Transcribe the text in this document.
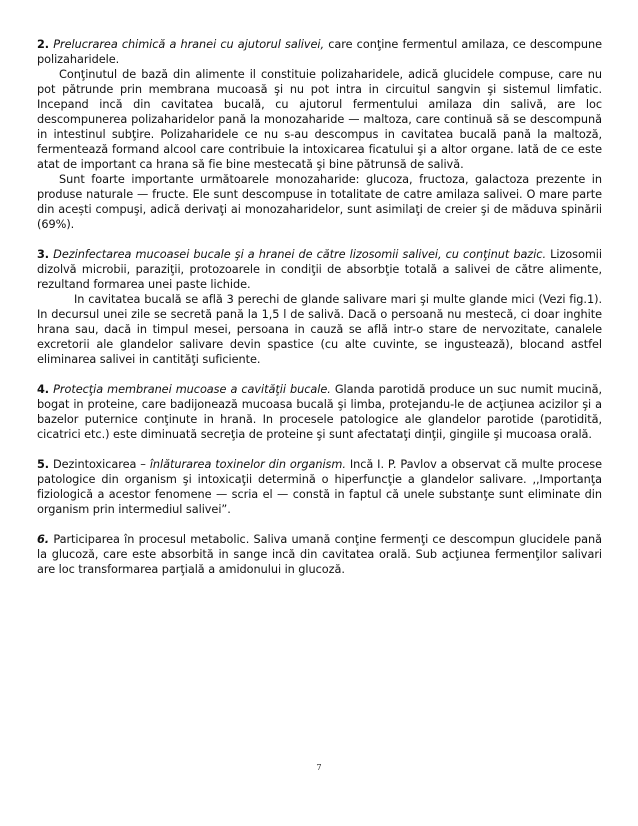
2. Prelucrarea chimică a hranei cu ajutorul salivei, care conţine fermentul amilaza, ce descompune polizaharidele.

Conţinutul de bază din alimente il constituie polizaharidele, adică glucidele compuse, care nu pot pătrunde prin membrana mucoasă şi nu pot intra in circuitul sangvin şi sistemul limfatic. Incepand incă din cavitatea bucală, cu ajutorul fermentului amilaza din salivă, are loc descompunerea polizaharidelor pană la monozaharide — maltoza, care continuă să se descompună in intestinul subţire. Polizaharidele ce nu s-au descompus in cavitatea bucală pană la maltoză, fermentează formand alcool care contribuie la intoxicarea ficatului şi a altor organe. Iată de ce este atat de important ca hrana să fie bine mestecată şi bine pătrunsă de salivă.

Sunt foarte importante următoarele monozaharide: glucoza, fructoza, galactoza prezente in produse naturale — fructe. Ele sunt descompuse in totalitate de catre amilaza salivei. O mare parte din acești compuşi, adică derivaţi ai monozaharidelor, sunt asimilaţi de creier şi de măduva spinării (69%).

3. Dezinfectarea mucoasei bucale şi a hranei de către lizosomii salivei, cu conţinut bazic. Lizosomii dizolvă microbii, paraziţii, protozoarele in condiţii de absorbţie totală a salivei de către alimente, rezultand formarea unei paste lichide.

In cavitatea bucală se află 3 perechi de glande salivare mari şi multe glande mici (Vezi fig.1). In decursul unei zile se secretă pană la 1,5 l de salivă. Dacă o persoană nu mestecă, ci doar inghite hrana sau, dacă in timpul mesei, persoana in cauză se află intr-o stare de nervozitate, canalele excretorii ale glandelor salivare devin spastice (cu alte cuvinte, se ingustează), blocand astfel eliminarea salivei in cantităţi suficiente.

4. Protecţia membranei mucoase a cavităţii bucale. Glanda parotidă produce un suc numit mucină, bogat in proteine, care badijonează mucoasa bucală şi limba, protejandu-le de acţiunea acizilor şi a bazelor puternice conţinute in hrană. In procesele patologice ale glandelor parotide (parotidită, cicatrici etc.) este diminuată secreţia de proteine şi sunt afectataţi dinţii, gingiile şi mucoasa orală.

5. Dezintoxicarea – înlăturarea toxinelor din organism. Incă I. P. Pavlov a observat că multe procese patologice din organism şi intoxicaţii determină o hiperfuncţie a glandelor salivare. ,,Importanţa fiziologică a acestor fenomene — scria el — constă in faptul că unele substanţe sunt eliminate din organism prin intermediul salivei”.

6. Participarea în procesul metabolic. Saliva umană conţine fermenţi ce descompun glucidele pană la glucoză, care este absorbită in sange incă din cavitatea orală. Sub acţiunea fermenţilor salivari are loc transformarea parţială a amidonului in glucoză.

7
